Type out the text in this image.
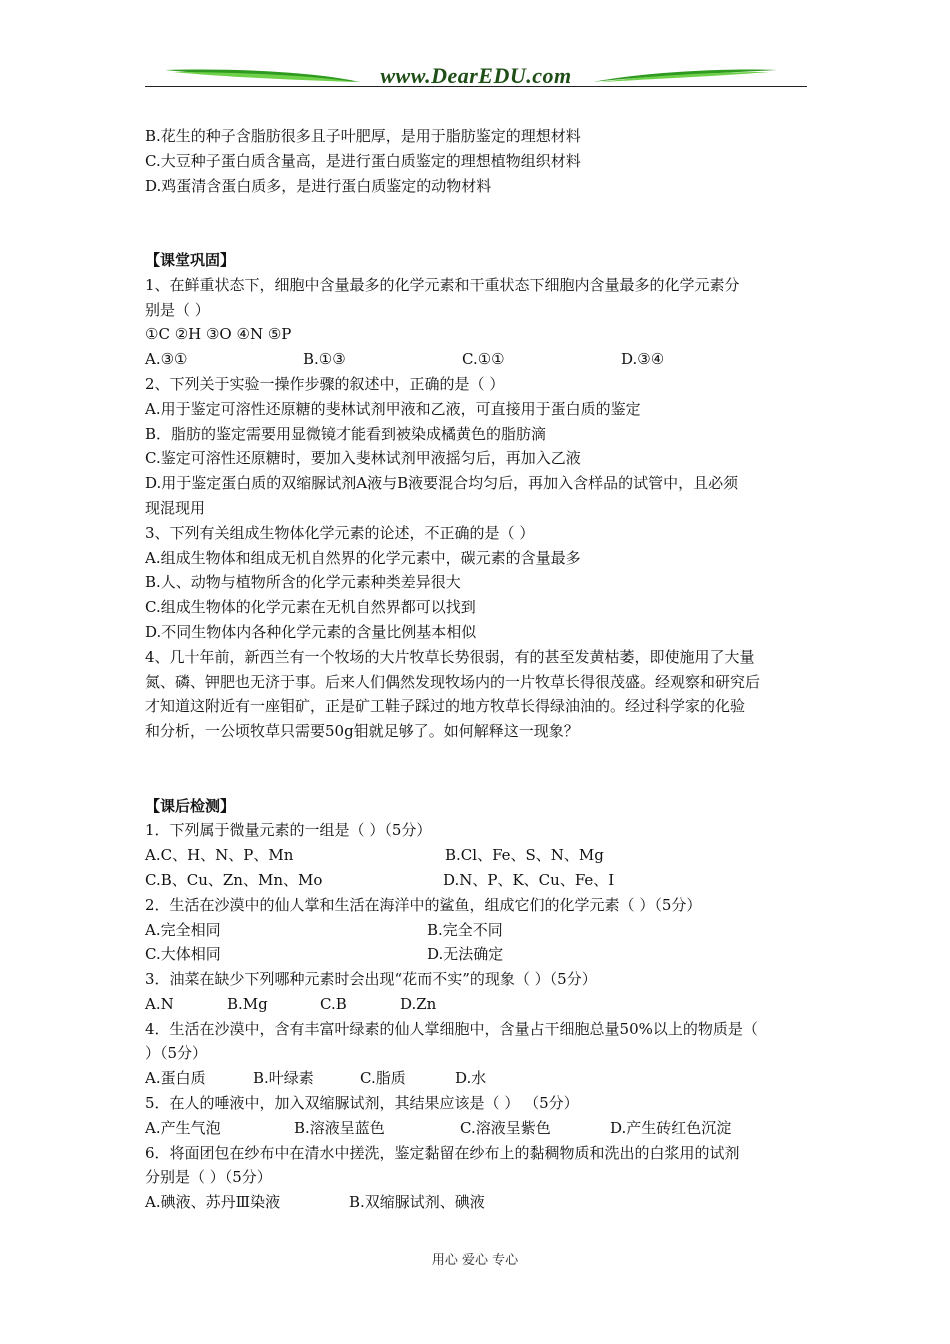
www.DearEDU.com
B.花生的种子含脂肪很多且子叶肥厚，是用于脂肪鉴定的理想材料
C.大豆种子蛋白质含量高，是进行蛋白质鉴定的理想植物组织材料
D.鸡蛋清含蛋白质多，是进行蛋白质鉴定的动物材料
【课堂巩固】
1、在鲜重状态下，细胞中含量最多的化学元素和干重状态下细胞内含量最多的化学元素分
别是（ ）
①C ②H ③O ④N ⑤P
A.③①	B.①③	C.①①	D.③④
2、下列关于实验一操作步骤的叙述中，正确的是（ ）
A.用于鉴定可溶性还原糖的斐林试剂甲液和乙液，可直接用于蛋白质的鉴定
B．脂肪的鉴定需要用显微镜才能看到被染成橘黄色的脂肪滴
C.鉴定可溶性还原糖时，要加入斐林试剂甲液摇匀后，再加入乙液
D.用于鉴定蛋白质的双缩脲试剂A液与B液要混合均匀后，再加入含样品的试管中，且必须
现混现用
3、下列有关组成生物体化学元素的论述，不正确的是（ ）
A.组成生物体和组成无机自然界的化学元素中，碳元素的含量最多
B.人、动物与植物所含的化学元素种类差异很大
C.组成生物体的化学元素在无机自然界都可以找到
D.不同生物体内各种化学元素的含量比例基本相似
4、几十年前，新西兰有一个牧场的大片牧草长势很弱，有的甚至发黄枯萎，即使施用了大量
氮、磷、钾肥也无济于事。后来人们偶然发现牧场内的一片牧草长得很茂盛。经观察和研究后
才知道这附近有一座钼矿，正是矿工鞋子踩过的地方牧草长得绿油油的。经过科学家的化验
和分析，一公顷牧草只需要50g钼就足够了。如何解释这一现象？
【课后检测】
1．下列属于微量元素的一组是（ ）（5分）
A.C、H、N、P、Mn	B.Cl、Fe、S、N、Mg
C.B、Cu、Zn、Mn、Mo	D.N、P、K、Cu、Fe、I
2．生活在沙漠中的仙人掌和生活在海洋中的鲨鱼，组成它们的化学元素（ ）（5分）
A.完全相同	B.完全不同
C.大体相同	D.无法确定
3．油菜在缺少下列哪种元素时会出现“花而不实”的现象（ ）（5分）
A.N	B.Mg	C.B	D.Zn
4．生活在沙漠中，含有丰富叶绿素的仙人掌细胞中，含量占干细胞总量50%以上的物质是（
）（5分）
A.蛋白质	B.叶绿素	C.脂质	D.水
5．在人的唾液中，加入双缩脲试剂，其结果应该是（ ） （5分）
A.产生气泡	B.溶液呈蓝色	C.溶液呈紫色	D.产生砖红色沉淀
6．将面团包在纱布中在清水中搓洗，鉴定黏留在纱布上的黏稠物质和洗出的白浆用的试剂
分别是（ ）（5分）
A.碘液、苏丹Ⅲ染液	B.双缩脲试剂、碘液
用心 爱心 专心
